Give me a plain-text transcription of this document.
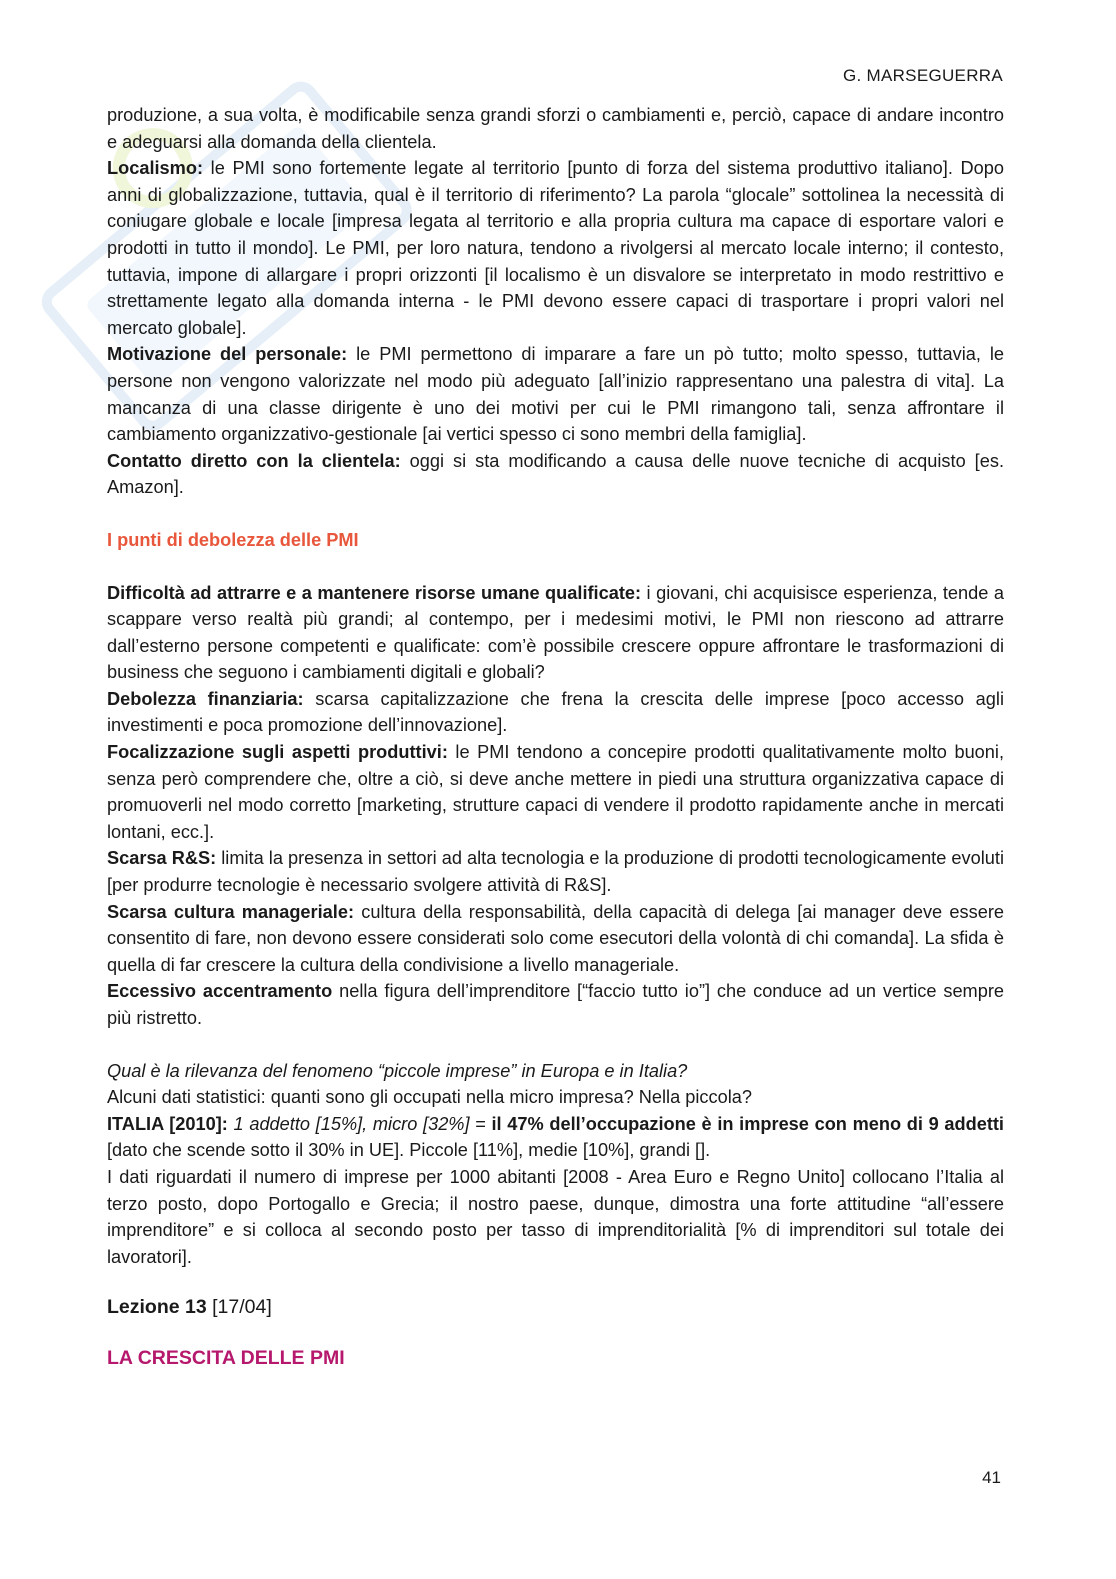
G. MARSEGUERRA

produzione, a sua volta, è modificabile senza grandi sforzi o cambiamenti e, perciò, capace di andare incontro e adeguarsi alla domanda della clientela.

Localismo: le PMI sono fortemente legate al territorio [punto di forza del sistema produttivo italiano]. Dopo anni di globalizzazione, tuttavia, qual è il territorio di riferimento? La parola “glocale” sottolinea la necessità di coniugare globale e locale [impresa legata al territorio e alla propria cultura ma capace di esportare valori e prodotti in tutto il mondo]. Le PMI, per loro natura, tendono a rivolgersi al mercato locale interno; il contesto, tuttavia, impone di allargare i propri orizzonti [il localismo è un disvalore se interpretato in modo restrittivo e strettamente legato alla domanda interna - le PMI devono essere capaci di trasportare i propri valori nel mercato globale].

Motivazione del personale: le PMI permettono di imparare a fare un pò tutto; molto spesso, tuttavia, le persone non vengono valorizzate nel modo più adeguato [all’inizio rappresentano una palestra di vita]. La mancanza di una classe dirigente è uno dei motivi per cui le PMI rimangono tali, senza affrontare il cambiamento organizzativo-gestionale [ai vertici spesso ci sono membri della famiglia].

Contatto diretto con la clientela: oggi si sta modificando a causa delle nuove tecniche di acquisto [es. Amazon].

I punti di debolezza delle PMI

Difficoltà ad attrarre e a mantenere risorse umane qualificate: i giovani, chi acquisisce esperienza, tende a scappare verso realtà più grandi; al contempo, per i medesimi motivi, le PMI non riescono ad attrarre dall’esterno persone competenti e qualificate: com’è possibile crescere oppure affrontare le trasformazioni di business che seguono i cambiamenti digitali e globali?

Debolezza finanziaria: scarsa capitalizzazione che frena la crescita delle imprese [poco accesso agli investimenti e poca promozione dell’innovazione].

Focalizzazione sugli aspetti produttivi: le PMI tendono a concepire prodotti qualitativamente molto buoni, senza però comprendere che, oltre a ciò, si deve anche mettere in piedi una struttura organizzativa capace di promuoverli nel modo corretto [marketing, strutture capaci di vendere il prodotto rapidamente anche in mercati lontani, ecc.].

Scarsa R&S: limita la presenza in settori ad alta tecnologia e la produzione di prodotti tecnologicamente evoluti [per produrre tecnologie è necessario svolgere attività di R&S].

Scarsa cultura manageriale: cultura della responsabilità, della capacità di delega [ai manager deve essere consentito di fare, non devono essere considerati solo come esecutori della volontà di chi comanda]. La sfida è quella di far crescere la cultura della condivisione a livello manageriale.

Eccessivo accentramento nella figura dell’imprenditore [“faccio tutto io”] che conduce ad un vertice sempre più ristretto.

Qual è la rilevanza del fenomeno “piccole imprese” in Europa e in Italia?

Alcuni dati statistici: quanti sono gli occupati nella micro impresa? Nella piccola?

ITALIA [2010]: 1 addetto [15%], micro [32%] = il 47% dell’occupazione è in imprese con meno di 9 addetti [dato che scende sotto il 30% in UE]. Piccole [11%], medie [10%], grandi [].

I dati riguardati il numero di imprese per 1000 abitanti [2008 - Area Euro e Regno Unito] collocano l’Italia al terzo posto, dopo Portogallo e Grecia; il nostro paese, dunque, dimostra una forte attitudine “all’essere imprenditore” e si colloca al secondo posto per tasso di imprenditorialità [% di imprenditori sul totale dei lavoratori].

Lezione 13 [17/04]

LA CRESCITA DELLE PMI
41
